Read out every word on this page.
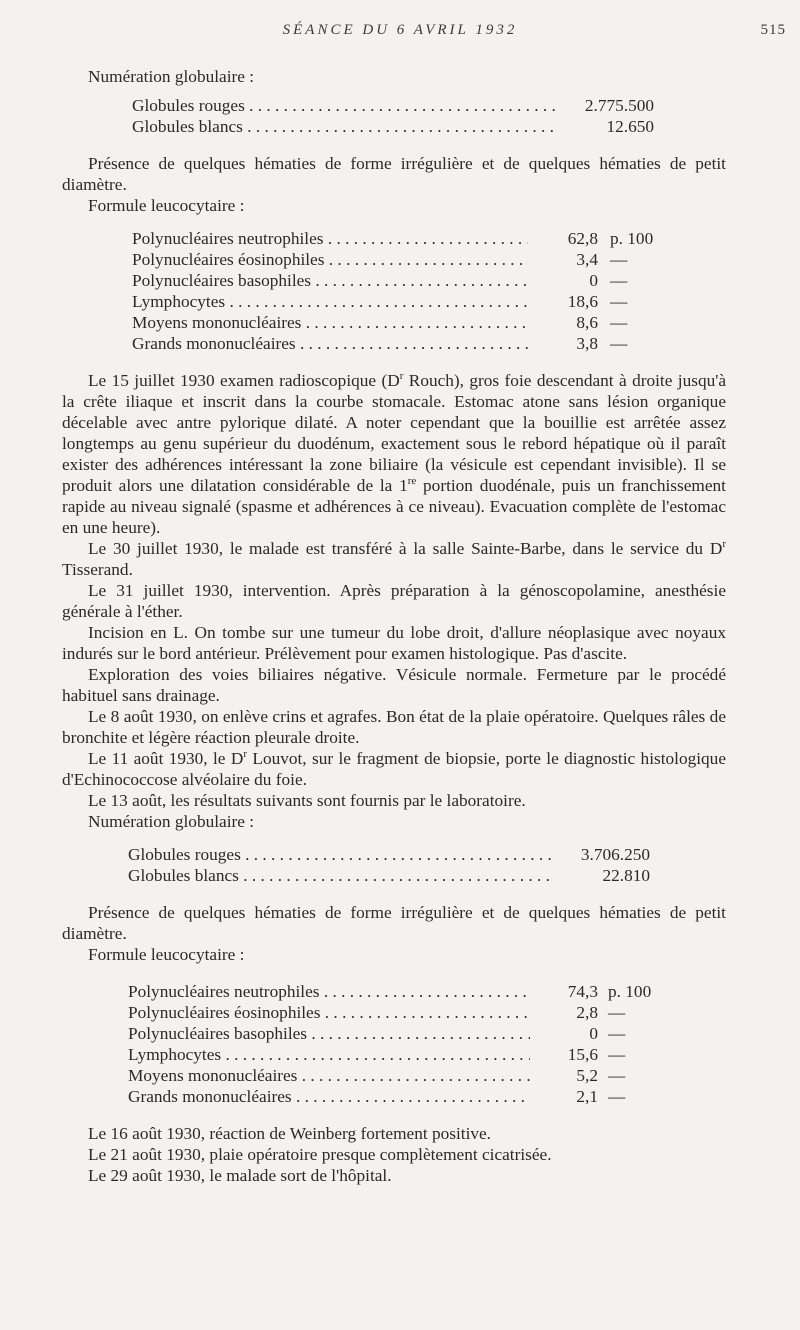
SÉANCE DU 6 AVRIL 1932	515

Numération globulaire :

Globules rouges . . .	2.775.500
Globules blancs . . .	12.650

Présence de quelques hématies de forme irrégulière et de quelques hématies de petit diamètre.

Formule leucocytaire :

Polynucléaires neutrophiles . . .	62,8 p. 100
Polynucléaires éosinophiles . . .	3,4 —
Polynucléaires basophiles . . .	0 —
Lymphocytes . . .	18,6 —
Moyens mononucléaires . . .	8,6 —
Grands mononucléaires . . .	3,8 —

Le 15 juillet 1930 examen radioscopique ($D^r$ Rouch), gros foie descendant à droite jusqu'à la crête iliaque et inscrit dans la courbe stomacale. Estomac atone sans lésion organique décelable avec antre pylorique dilaté. A noter cependant que la bouillie est arrêtée assez longtemps au genu supérieur du duodénum, exactement sous le rebord hépatique où il paraît exister des adhérences intéressant la zone biliaire (la vésicule est cependant invisible). Il se produit alors une dilatation considérable de la 1re portion duodénale, puis un franchissement rapide au niveau signalé (spasme et adhérences à ce niveau). Evacuation complète de l'estomac en une heure).

Le 30 juillet 1930, le malade est transféré à la salle Sainte-Barbe, dans le service du $D^r$ Tisserand.

Le 31 juillet 1930, intervention. Après préparation à la génoscopolamine, anesthésie générale à l'éther.

Incision en L. On tombe sur une tumeur du lobe droit, d'allure néoplasique avec noyaux indurés sur le bord antérieur. Prélèvement pour examen histologique. Pas d'ascite.

Exploration des voies biliaires négative. Vésicule normale. Fermeture par le procédé habituel sans drainage.

Le 8 août 1930, on enlève crins et agrafes. Bon état de la plaie opératoire. Quelques râles de bronchite et légère réaction pleurale droite.

Le 11 août 1930, le $D^r$ Louvot, sur le fragment de biopsie, porte le diagnostic histologique d'Echinococcose alvéolaire du foie.

Le 13 août, les résultats suivants sont fournis par le laboratoire.

Numération globulaire :

Globules rouges . . .	3.706.250
Globules blancs . . .	22.810

Présence de quelques hématies de forme irrégulière et de quelques hématies de petit diamètre.

Formule leucocytaire :

Polynucléaires neutrophiles . . .	74,3 p. 100
Polynucléaires éosinophiles . . .	2,8 —
Polynucléaires basophiles . . .	0 —
Lymphocytes . . .	15,6 —
Moyens mononucléaires . . .	5,2 —
Grands mononucléaires . . .	2,1 —

Le 16 août 1930, réaction de Weinberg fortement positive.

Le 21 août 1930, plaie opératoire presque complètement cicatrisée.

Le 29 août 1930, le malade sort de l'hôpital.
